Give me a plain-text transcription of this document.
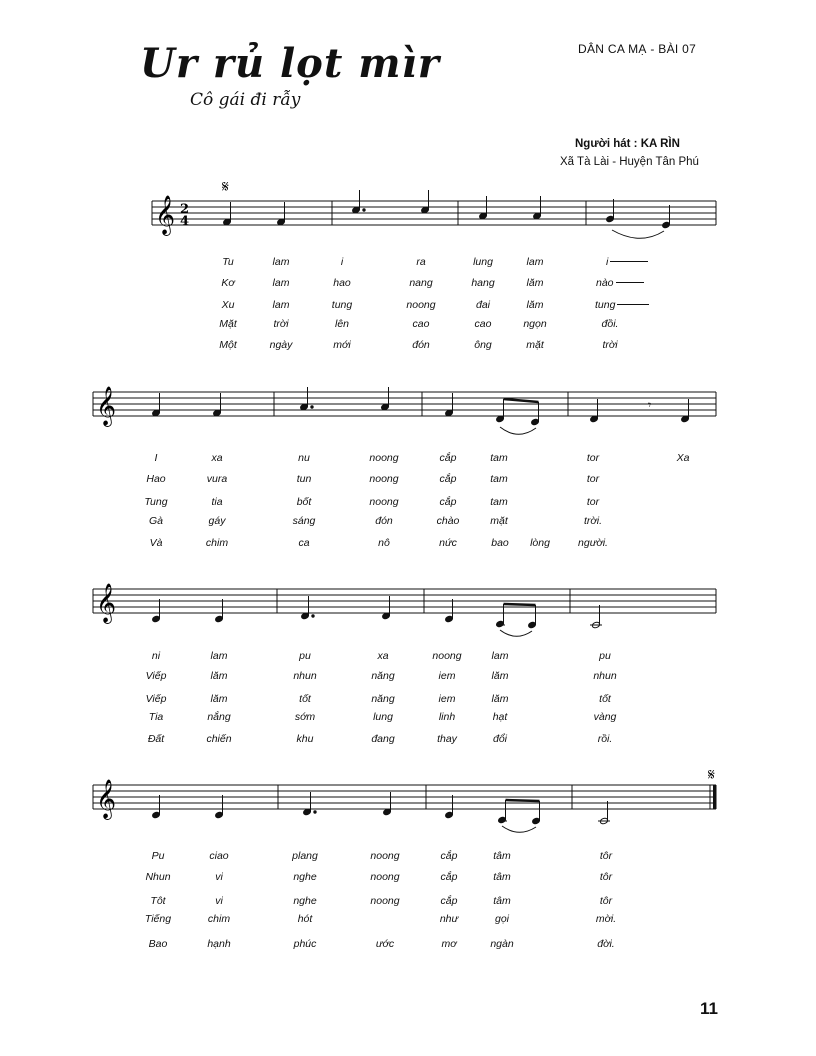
Ur rủ lọt mìr
Cô gái đi rẫy
DÂN CA MẠ - BÀI 07
Người hát : KA RÌN
Xã Tà Lài - Huyện Tân Phú
𝄞 2
4
𝄋
Tu	lam	i	ra	lung	lam	i
Kơ	lam	hao	nang	hang	lăm	nào
Xu	lam	tung	noong	đai	lăm	tung
Mặt	trời	lên	cao	cao	ngọn	đồi.
Một	ngày	mới	đón	ông	mặt	trời
𝄞	𝄾
I	xa	nu	noong	cắp	tam	tor	Xa
Hao	vura	tun	noong	cắp	tam	tor
Tung	tia	bốt	noong	cắp	tam	tor
Gà	gáy	sáng	đón	chào	mặt	trời.
Và	chim	ca	nô	nức	bao lòng	người.
𝄞
ni	lam	pu	xa	noong	lam	pu
Viếp	lăm	nhun	năng	iem	lăm	nhun
Viếp	lăm	tốt	năng	iem	lăm	tốt
Tia	nắng	sớm	lung	linh	hạt	vàng
Đất	chiến	khu	đang	thay	đổi	rồi.
𝄞
𝄋
Pu	ciao	plang	noong	cắp	tâm	tôr
Nhun	vi	nghe	noong	cắp	tâm	tôr
Tôt	vi	nghe	noong	cắp	tâm	tôr
Tiếng	chim	hót	như	gọi	mời.
Bao	hạnh	phúc	ước	mơ	ngàn	đời.
11
